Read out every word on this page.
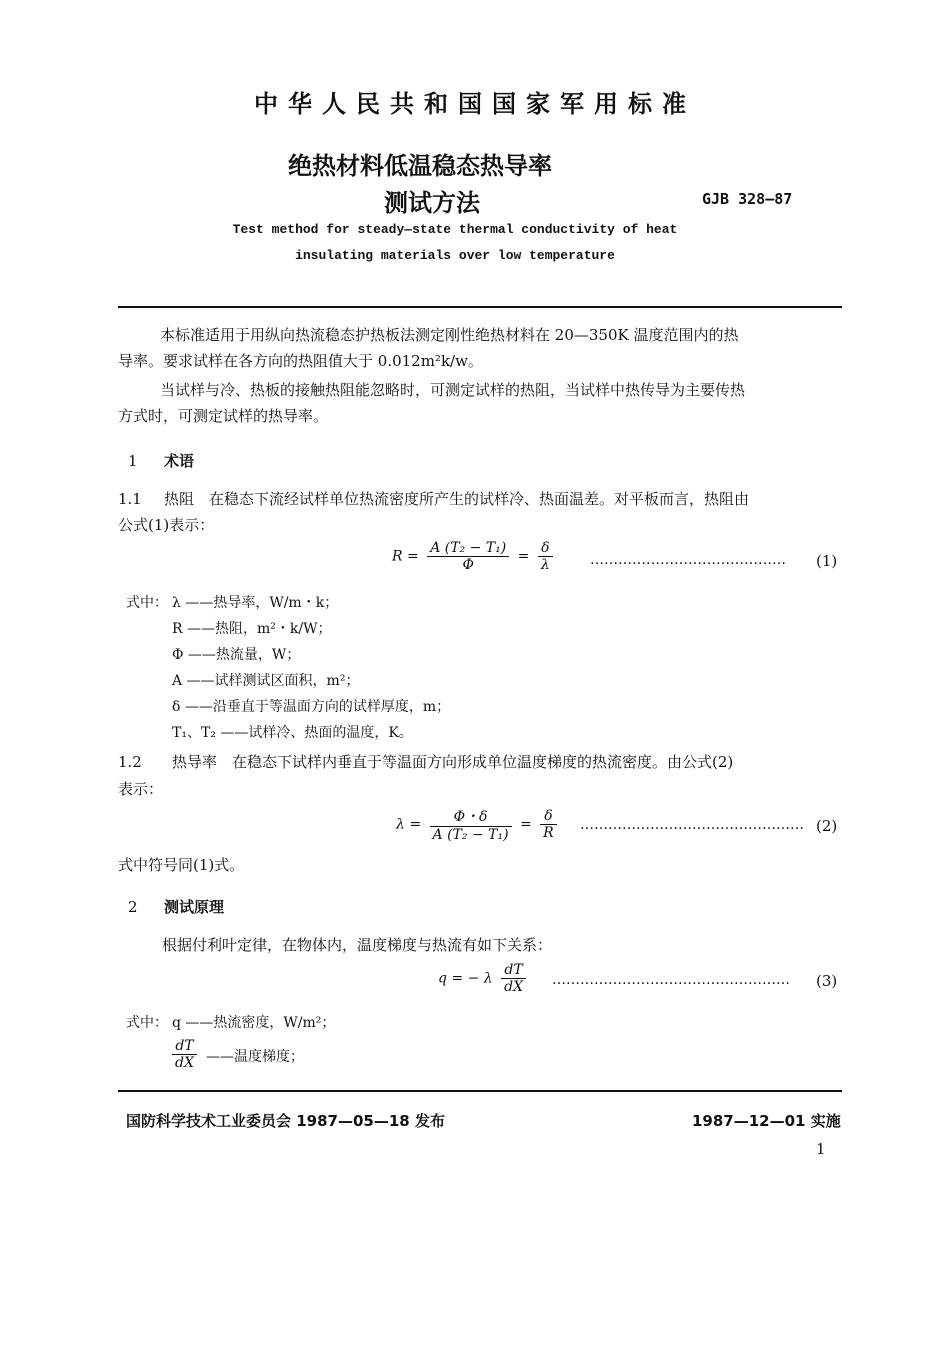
中华人民共和国国家军用标准
绝热材料低温稳态热导率
测试方法	GJB 328—87
Test method for steady—state thermal conductivity of heat
insulating materials over low temperature
本标准适用于用纵向热流稳态护热板法测定刚性绝热材料在 20—350K 温度范围内的热
导率。要求试样在各方向的热阻值大于 0.012m²k/w。
当试样与冷、热板的接触热阻能忽略时，可测定试样的热阻，当试样中热传导为主要传热
方式时，可测定试样的热导率。
1 术语
1.1 热阻　在稳态下流经试样单位热流密度所产生的试样冷、热面温差。对平板而言，热阻由
公式(1)表示：
$R = \frac{\text{A (T₂ − T₁)}}{\Phi} = \frac{\delta}{\lambda}$	…………………………………… (1)
式中： λ ——热导率，W/m・k；
R ——热阻，m²・k/W；
Φ ——热流量，W；
A ——试样测试区面积，m²；
δ ——沿垂直于等温面方向的试样厚度，m；
T₁、T₂ ——试样冷、热面的温度，K。
1.2 热导率　在稳态下试样内垂直于等温面方向形成单位温度梯度的热流密度。由公式(2)
表示：
$\lambda = \frac{\Phi・\delta}{\text{A (T₂ − T₁)}} = \frac{\delta}{R}$ ………………………………………… (2)
式中符号同(1)式。
2 测试原理
根据付利叶定律，在物体内，温度梯度与热流有如下关系：
q = − λ $\frac{dT}{dX}$ …………………………………………… (3)
式中： q ——热流密度，W/m²；
$\frac{dT}{dX}$ ——温度梯度；
国防科学技术工业委员会 1987—05—18 发布	1987—12—01 实施
1
